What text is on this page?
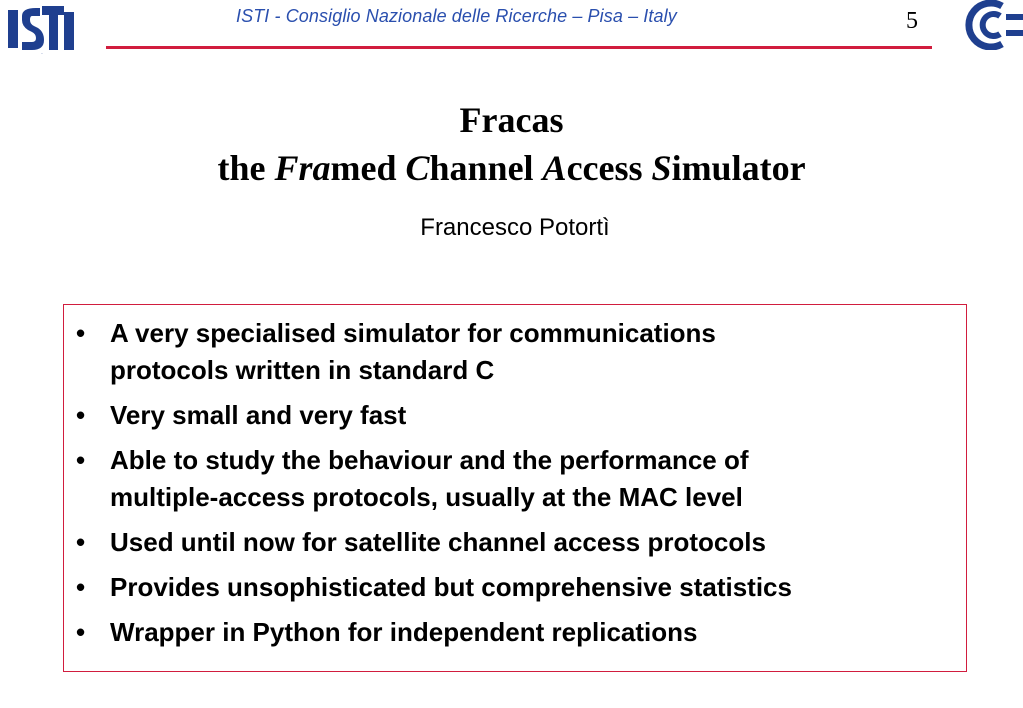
ISTI
ISTI - Consiglio Nazionale delle Ricerche – Pisa – Italy	5
Fracas
the Framed Channel Access Simulator
Francesco Potortì
• A very specialised simulator for communications
protocols written in standard C
• Very small and very fast
• Able to study the behaviour and the performance of
multiple-access protocols, usually at the MAC level
• Used until now for satellite channel access protocols
• Provides unsophisticated but comprehensive statistics
• Wrapper in Python for independent replications
